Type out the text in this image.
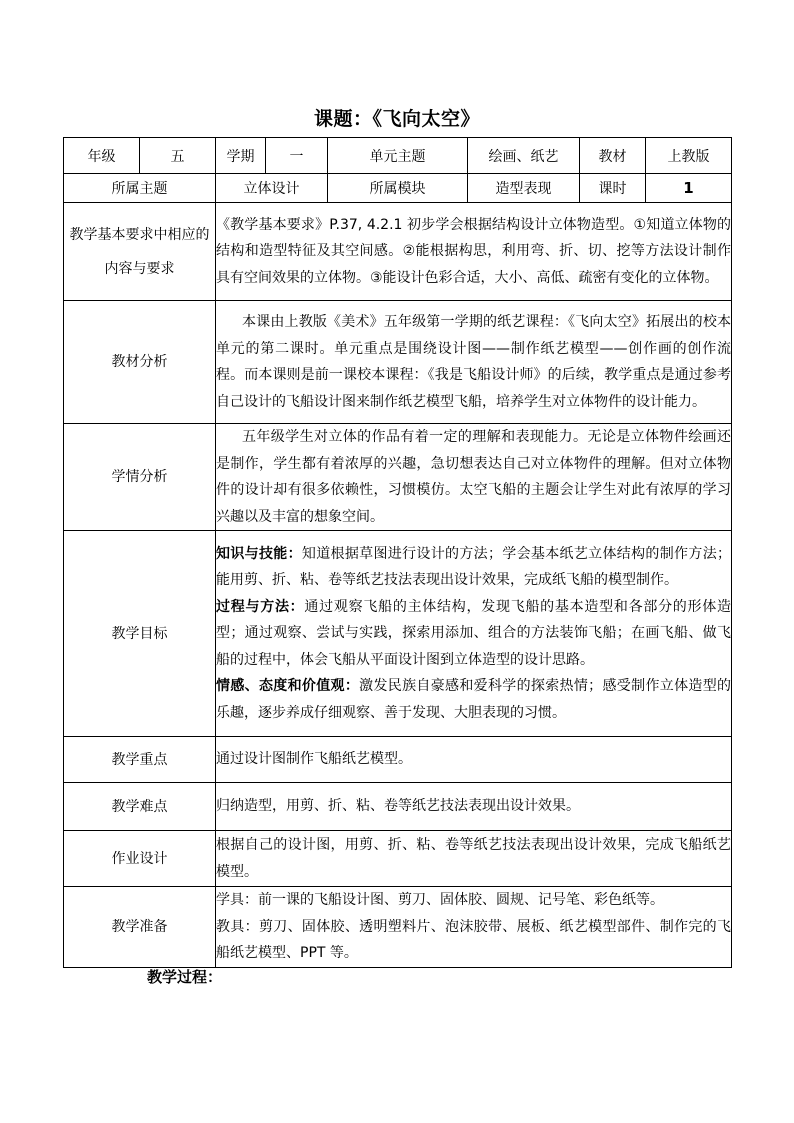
课题：《飞向太空》
年级	五	学期	一	单元主题	绘画、纸艺	教材	上教版
所属主题		立体设计		所属模块	造型表现	课时	1
教学基本要求中相应的内容与要求		《教学基本要求》P.37, 4.2.1 初步学会根据结构设计立体物造型。①知道立体物的结构和造型特征及其空间感。②能根据构思，利用弯、折、切、挖等方法设计制作具有空间效果的立体物。③能设计色彩合适，大小、高低、疏密有变化的立体物。					
教材分析		本课由上教版《美术》五年级第一学期的纸艺课程：《飞向太空》拓展出的校本单元的第二课时。单元重点是围绕设计图——制作纸艺模型——创作画的创作流程。而本课则是前一课校本课程：《我是飞船设计师》的后续，教学重点是通过参考自己设计的飞船设计图来制作纸艺模型飞船，培养学生对立体物件的设计能力。					
学情分析		五年级学生对立体的作品有着一定的理解和表现能力。无论是立体物件绘画还是制作，学生都有着浓厚的兴趣，急切想表达自己对立体物件的理解。但对立体物件的设计却有很多依赖性，习惯模仿。太空飞船的主题会让学生对此有浓厚的学习兴趣以及丰富的想象空间。					
教学目标		知识与技能：知道根据草图进行设计的方法；学会基本纸艺立体结构的制作方法；能用剪、折、粘、卷等纸艺技法表现出设计效果，完成纸飞船的模型制作。

过程与方法：通过观察飞船的主体结构，发现飞船的基本造型和各部分的形体造型；通过观察、尝试与实践，探索用添加、组合的方法装饰飞船；在画飞船、做飞船的过程中，体会飞船从平面设计图到立体造型的设计思路。

情感、态度和价值观：激发民族自豪感和爱科学的探索热情；感受制作立体造型的乐趣，逐步养成仔细观察、善于发现、大胆表现的习惯。					

教学重点		通过设计图制作飞船纸艺模型。					
教学难点		归纳造型，用剪、折、粘、卷等纸艺技法表现出设计效果。					
作业设计		根据自己的设计图，用剪、折、粘、卷等纸艺技法表现出设计效果，完成飞船纸艺模型。					
教学准备		学具：前一课的飞船设计图、剪刀、固体胶、圆规、记号笔、彩色纸等。

教具：剪刀、固体胶、透明塑料片、泡沫胶带、展板、纸艺模型部件、制作完的飞船纸艺模型、PPT 等。					

教学过程：
